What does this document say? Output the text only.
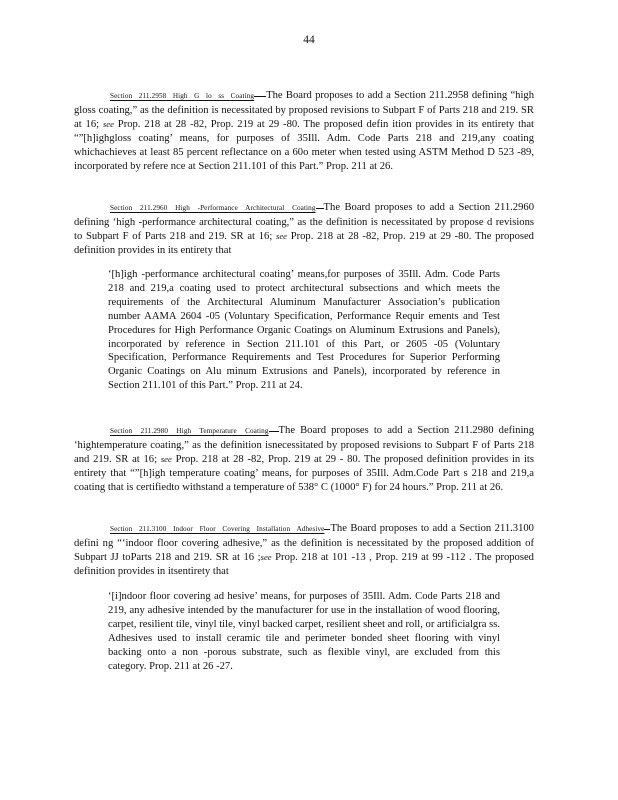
44
Section 211.2958 High G lo ss Coating The Board proposes to add a Section 211.2958 defining “high gloss coating,” as the definition is necessitated by proposed revisions to Subpart F of Parts 218 and 219. SR at 16; see Prop. 218 at 28 -82, Prop. 219 at 29 -80. The proposed defin ition provides in its entirety that “”[h]ighgloss coating’ means, for purposes of 35Ill. Adm. Code Parts 218 and 219,any coating whichachieves at least 85 percent reflectance on a 60o meter when tested using ASTM Method D 523 -89, incorporated by refere nce at Section 211.101 of this Part.” Prop. 211 at 26.
Section 211.2960 High -Performance Architectural Coating The Board proposes to add a Section 211.2960 defining ‘high -performance architectural coating,” as the definition is necessitated by propose d revisions to Subpart F of Parts 218 and 219. SR at 16; see Prop. 218 at 28 -82, Prop. 219 at 29 -80. The proposed definition provides in its entirety that
‘[h]igh -performance architectural coating’ means,for purposes of 35Ill. Adm. Code Parts 218 and 219,a coating used to protect architectural subsections and which meets the requirements of the Architectural Aluminum Manufacturer Association’s publication number AAMA 2604 -05 (Voluntary Specification, Performance Requir ements and Test Procedures for High Performance Organic Coatings on Aluminum Extrusions and Panels), incorporated by reference in Section 211.101 of this Part, or 2605 -05 (Voluntary Specification, Performance Requirements and Test Procedures for Superior Performing Organic Coatings on Alu minum Extrusions and Panels), incorporated by reference in Section 211.101 of this Part.” Prop. 211 at 24.
Section 211.2980 High Temperature Coating The Board proposes to add a Section 211.2980 defining ‘hightemperature coating,” as the definition isnecessitated by proposed revisions to Subpart F of Parts 218 and 219. SR at 16; see Prop. 218 at 28 -82, Prop. 219 at 29 - 80. The proposed definition provides in its entirety that “”[h]igh temperature coating’ means, for purposes of 35Ill. Adm.Code Part s 218 and 219,a coating that is certifiedto withstand a temperature of 538° C (1000° F) for 24 hours.” Prop. 211 at 26.
Section 211.3100 Indoor Floor Covering Installation Adhesive The Board proposes to add a Section 211.3100 defini ng “‘indoor floor covering adhesive,” as the definition is necessitated by the proposed addition of Subpart JJ toParts 218 and 219. SR at 16 ;see Prop. 218 at 101 -13 , Prop. 219 at 99 -112 . The proposed definition provides in itsentirety that
‘[i]ndoor floor covering ad hesive’ means, for purposes of 35Ill. Adm. Code Parts 218 and 219, any adhesive intended by the manufacturer for use in the installation of wood flooring, carpet, resilient tile, vinyl tile, vinyl backed carpet, resilient sheet and roll, or artificialgra ss. Adhesives used to install ceramic tile and perimeter bonded sheet flooring with vinyl backing onto a non -porous substrate, such as flexible vinyl, are excluded from this category. Prop. 211 at 26 -27.
